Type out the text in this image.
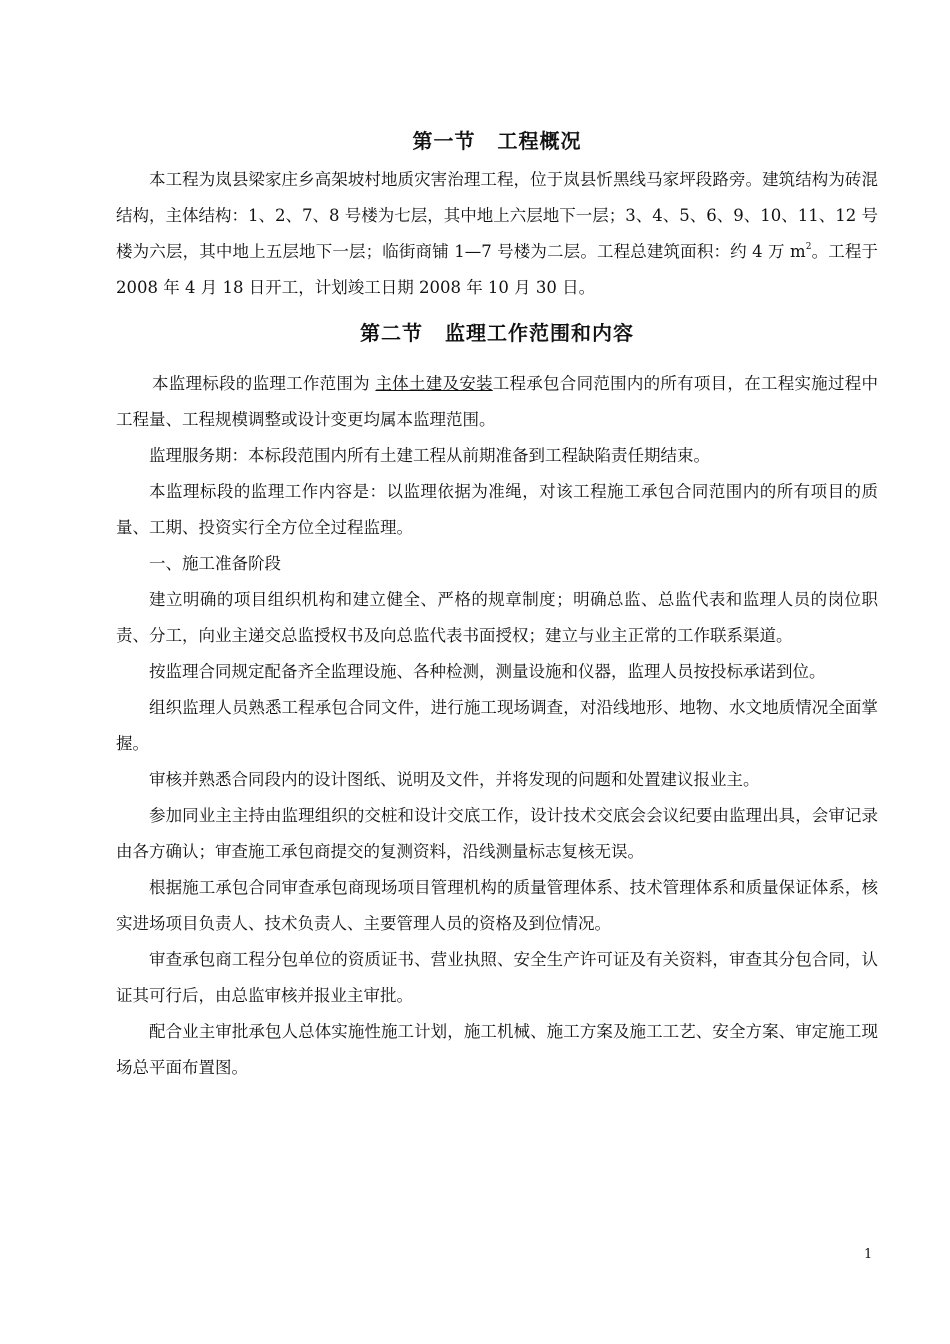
第一节 工程概况

本工程为岚县梁家庄乡高架坡村地质灾害治理工程，位于岚县忻黑线马家坪段路旁。建筑结构为砖混结构，主体结构：1、2、7、8 号楼为七层，其中地上六层地下一层；3、4、5、6、9、10、11、12 号楼为六层，其中地上五层地下一层；临街商铺 1—7 号楼为二层。工程总建筑面积：约 4 万 $m^2$。工程于 2008 年 4 月 18 日开工，计划竣工日期 2008 年 10 月 30 日。

第二节 监理工作范围和内容

本监理标段的监理工作范围为 主体土建及安装工程承包合同范围内的所有项目，在工程实施过程中工程量、工程规模调整或设计变更均属本监理范围。

监理服务期：本标段范围内所有土建工程从前期准备到工程缺陷责任期结束。

本监理标段的监理工作内容是：以监理依据为准绳，对该工程施工承包合同范围内的所有项目的质量、工期、投资实行全方位全过程监理。

一、施工准备阶段

建立明确的项目组织机构和建立健全、严格的规章制度；明确总监、总监代表和监理人员的岗位职责、分工，向业主递交总监授权书及向总监代表书面授权；建立与业主正常的工作联系渠道。

按监理合同规定配备齐全监理设施、各种检测，测量设施和仪器，监理人员按投标承诺到位。

组织监理人员熟悉工程承包合同文件，进行施工现场调查，对沿线地形、地物、水文地质情况全面掌握。

审核并熟悉合同段内的设计图纸、说明及文件，并将发现的问题和处置建议报业主。

参加同业主主持由监理组织的交桩和设计交底工作，设计技术交底会会议纪要由监理出具，会审记录由各方确认；审查施工承包商提交的复测资料，沿线测量标志复核无误。

根据施工承包合同审查承包商现场项目管理机构的质量管理体系、技术管理体系和质量保证体系，核实进场项目负责人、技术负责人、主要管理人员的资格及到位情况。

审查承包商工程分包单位的资质证书、营业执照、安全生产许可证及有关资料，审查其分包合同，认证其可行后，由总监审核并报业主审批。

配合业主审批承包人总体实施性施工计划，施工机械、施工方案及施工工艺、安全方案、审定施工现场总平面布置图。

1
